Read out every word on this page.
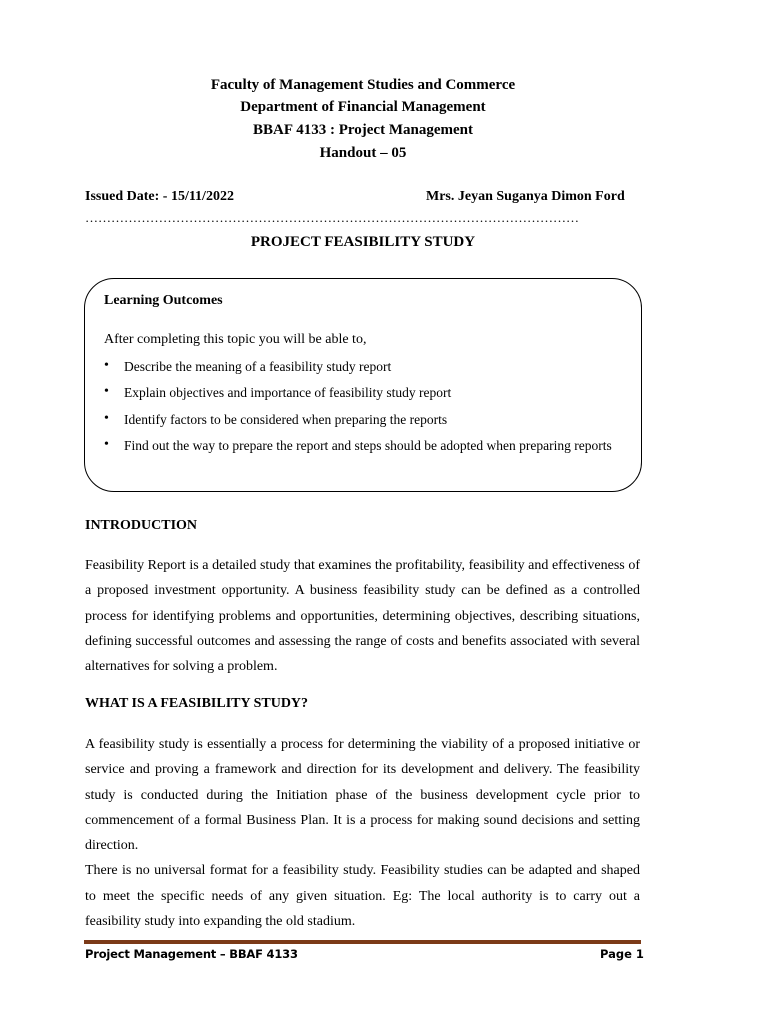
Faculty of Management Studies and Commerce
Department of Financial Management
BBAF 4133 : Project Management
Handout – 05
Issued Date: - 15/11/2022	Mrs. Jeyan Suganya Dimon Ford
……………………………………………………………………………………………………
PROJECT FEASIBILITY STUDY
Learning Outcomes
After completing this topic you will be able to,
• Describe the meaning of a feasibility study report
• Explain objectives and importance of feasibility study report
• Identify factors to be considered when preparing the reports
• Find out the way to prepare the report and steps should be adopted when preparing reports
INTRODUCTION

Feasibility Report is a detailed study that examines the profitability, feasibility and effectiveness of a proposed investment opportunity. A business feasibility study can be defined as a controlled process for identifying problems and opportunities, determining objectives, describing situations, defining successful outcomes and assessing the range of costs and benefits associated with several alternatives for solving a problem.

WHAT IS A FEASIBILITY STUDY?

A feasibility study is essentially a process for determining the viability of a proposed initiative or service and proving a framework and direction for its development and delivery. The feasibility study is conducted during the Initiation phase of the business development cycle prior to commencement of a formal Business Plan. It is a process for making sound decisions and setting direction.

There is no universal format for a feasibility study. Feasibility studies can be adapted and shaped to meet the specific needs of any given situation. Eg: The local authority is to carry out a feasibility study into expanding the old stadium.

Project Management – BBAF 4133	Page 1
